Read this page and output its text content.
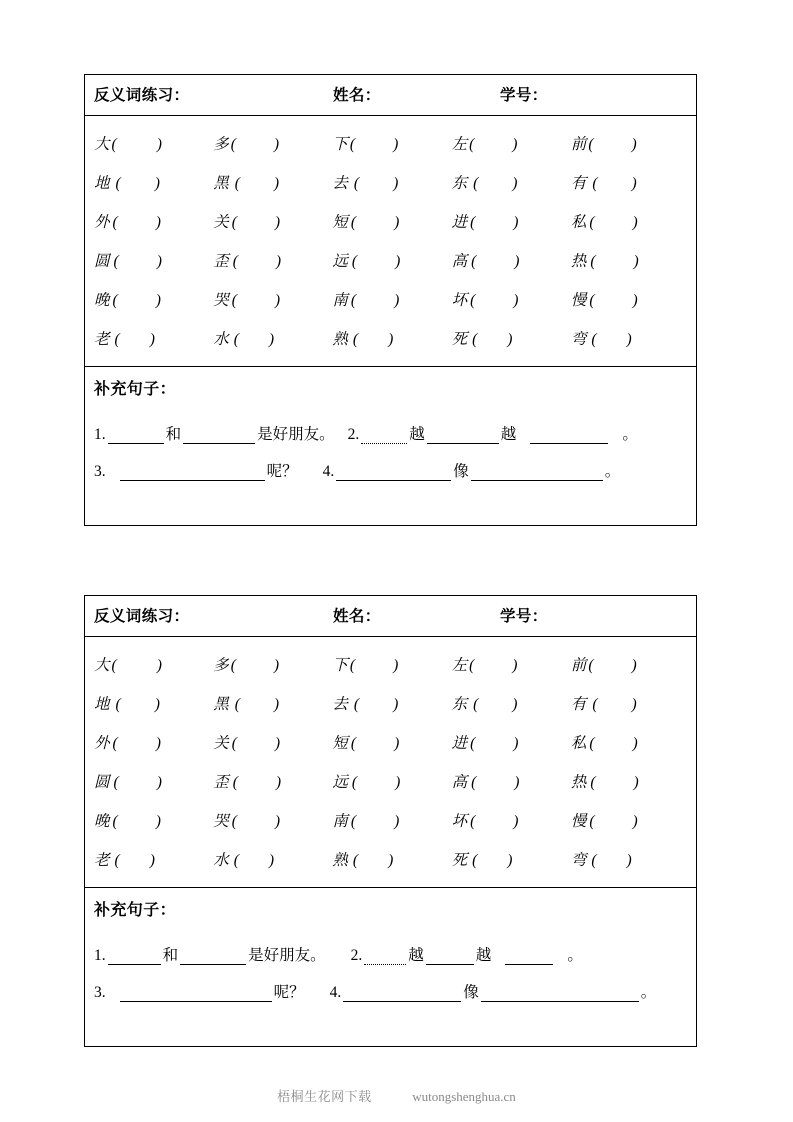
反义词练习：	姓名：	学号：
大 (	)	多 ( )	下 ( )	左 ( )	前 ( )
地 ( )	黑 ( )	去 ( )	东 ( )	有 ( )
外 ( )	关 ( )	短 ( )	进 ( )	私 ( )
圆 ( )	歪 ( )	远 ( )	高 ( )	热 ( )
晚 ( )	哭 ( )	南 ( )	坏 ( )	慢 ( )
老 ( )	水 ( )	熟 ( )	死 ( )	弯 ( )
补充句子：
1.	和	是好朋友。 2.	越	越	。
3.	呢？ 4.	像	。
反义词练习：	姓名：	学号：
大 (	)	多 ( )	下 ( )	左 ( )	前 ( )
地 ( )	黑 ( )	去 ( )	东 ( )	有 ( )
外 ( )	关 ( )	短 ( )	进 ( )	私 ( )
圆 ( )	歪 ( )	远 ( )	高 ( )	热 ( )
晚 ( )	哭 ( )	南 ( )	坏 ( )	慢 ( )
老 ( )	水 ( )	熟 ( )	死 ( )	弯 ( )
补充句子：
1.	和	是好朋友。 2.	越	越	。
3.	呢？ 4.	像	。
梧桐生花网下载	wutongshenghua.cn
